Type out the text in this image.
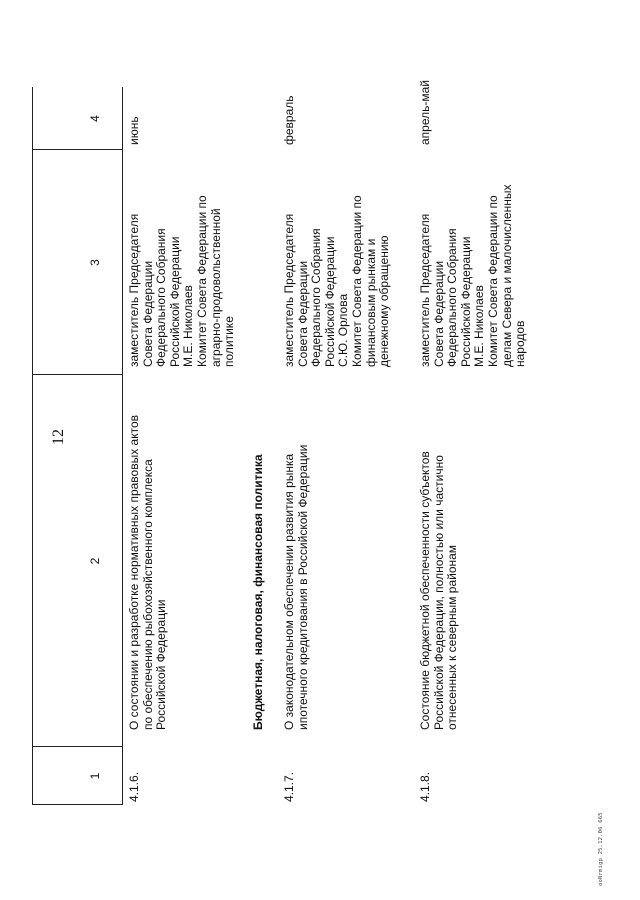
12
1
2
3
4
4.1.6.
О состоянии и разработке нормативных правовых актов
по обеспечению рыбохозяйственного комплекса
Российской Федерации
заместитель Председателя
Совета Федерации
Федерального Собрания
Российской Федерации
М.Е. Николаев
Комитет Совета Федерации по
аграрно-продовольственной
политике
июнь
Бюджетная, налоговая, финансовая политика
4.1.7.
О законодательном обеспечении развития рынка
ипотечного кредитования в Российской Федерации
заместитель Председателя
Совета Федерации
Федерального Собрания
Российской Федерации
С.Ю. Орлова
Комитет Совета Федерации по
финансовым рынкам и
денежному обращению
февраль
4.1.8.
Состояние бюджетной обеспеченности субъектов
Российской Федерации, полностью или частично
отнесенных к северным районам
заместитель Председателя
Совета Федерации
Федерального Собрания
Российской Федерации
М.Е. Николаев
Комитет Совета Федерации по
делам Севера и малочисленных
народов
апрель-май
ooNrmigp 25.12.06 665
